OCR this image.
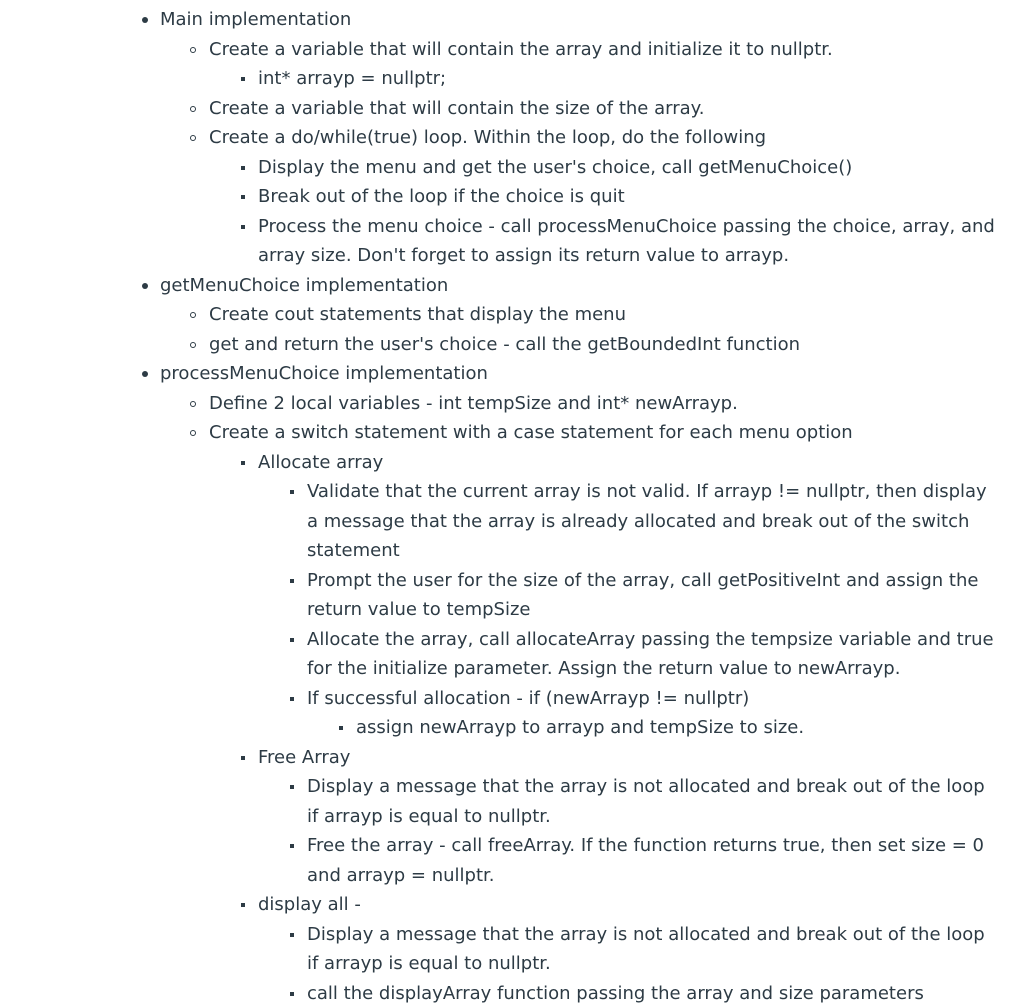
Main implementation
Create a variable that will contain the array and initialize it to nullptr.
int* arrayp = nullptr;
Create a variable that will contain the size of the array.
Create a do/while(true) loop. Within the loop, do the following
Display the menu and get the user's choice, call getMenuChoice()
Break out of the loop if the choice is quit
Process the menu choice - call processMenuChoice passing the choice, array, and array size. Don't forget to assign its return value to arrayp.
getMenuChoice implementation
Create cout statements that display the menu
get and return the user's choice - call the getBoundedInt function
processMenuChoice implementation
Define 2 local variables - int tempSize and int* newArrayp.
Create a switch statement with a case statement for each menu option
Allocate array
Validate that the current array is not valid. If arrayp != nullptr, then display a message that the array is already allocated and break out of the switch statement
Prompt the user for the size of the array, call getPositiveInt and assign the return value to tempSize
Allocate the array, call allocateArray passing the tempsize variable and true for the initialize parameter. Assign the return value to newArrayp.
If successful allocation - if (newArrayp != nullptr)
assign newArrayp to arrayp and tempSize to size.
Free Array
Display a message that the array is not allocated and break out of the loop if arrayp is equal to nullptr.
Free the array - call freeArray. If the function returns true, then set size = 0 and arrayp = nullptr.
display all -
Display a message that the array is not allocated and break out of the loop if arrayp is equal to nullptr.
call the displayArray function passing the array and size parameters
